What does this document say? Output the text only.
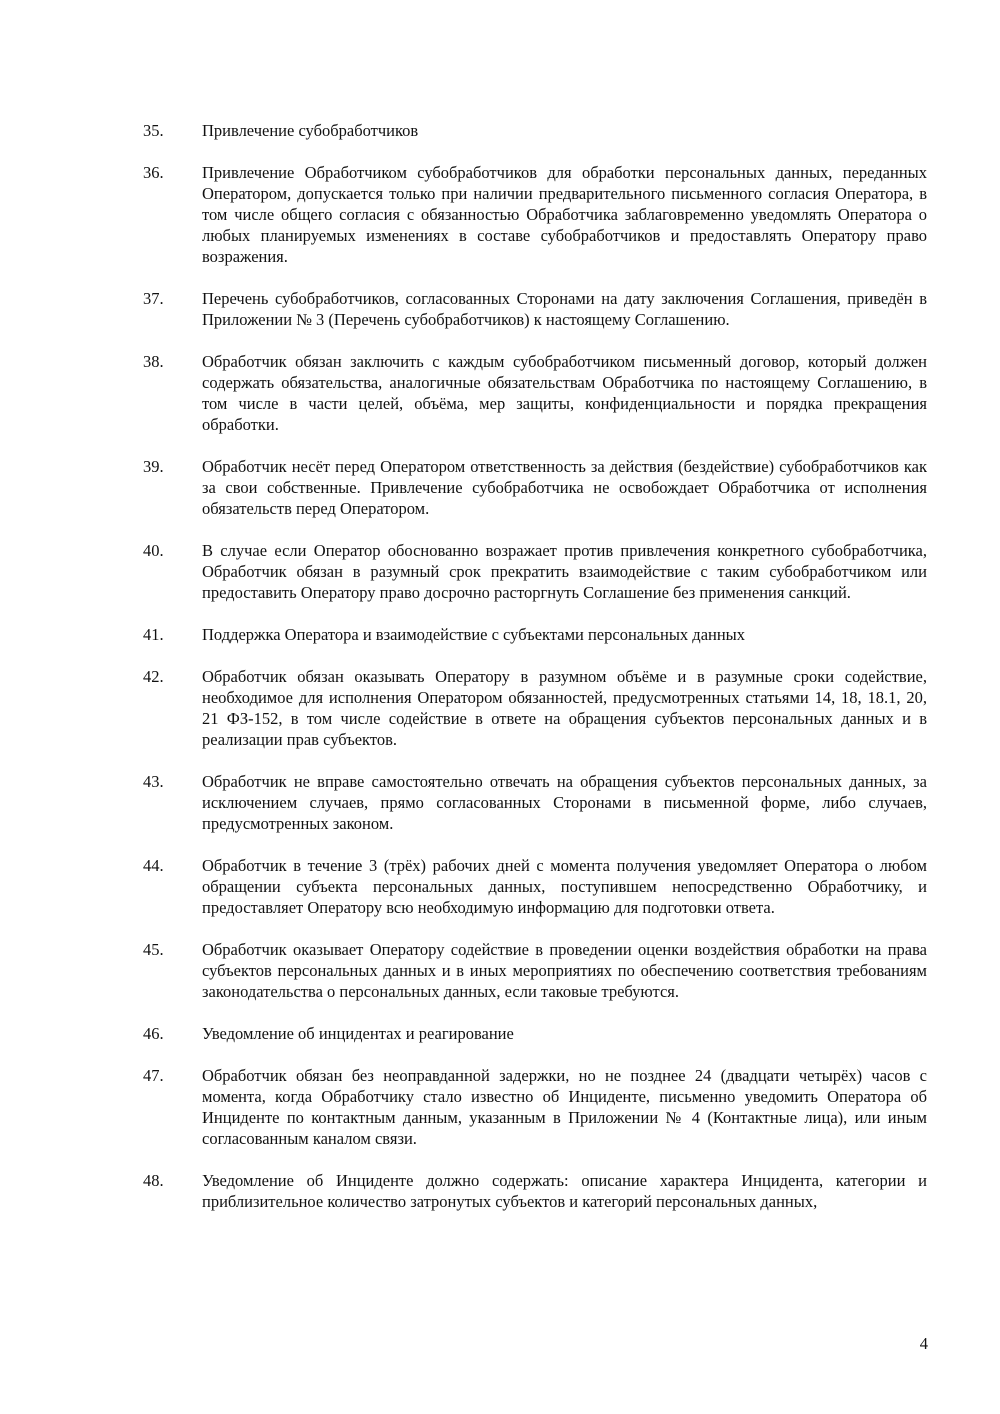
35.	Привлечение субобработчиков
36.	Привлечение Обработчиком субобработчиков для обработки персональных данных, переданных Оператором, допускается только при наличии предварительного письменного согласия Оператора, в том числе общего согласия с обязанностью Обработчика заблаговременно уведомлять Оператора о любых планируемых изменениях в составе субобработчиков и предоставлять Оператору право возражения.
37.	Перечень субобработчиков, согласованных Сторонами на дату заключения Соглашения, приведён в Приложении № 3 (Перечень субобработчиков) к настоящему Соглашению.
38.	Обработчик обязан заключить с каждым субобработчиком письменный договор, который должен содержать обязательства, аналогичные обязательствам Обработчика по настоящему Соглашению, в том числе в части целей, объёма, мер защиты, конфиденциальности и порядка прекращения обработки.
39.	Обработчик несёт перед Оператором ответственность за действия (бездействие) субобработчиков как за свои собственные. Привлечение субобработчика не освобождает Обработчика от исполнения обязательств перед Оператором.
40.	В случае если Оператор обоснованно возражает против привлечения конкретного субобработчика, Обработчик обязан в разумный срок прекратить взаимодействие с таким субобработчиком или предоставить Оператору право досрочно расторгнуть Соглашение без применения санкций.
41.	Поддержка Оператора и взаимодействие с субъектами персональных данных
42.	Обработчик обязан оказывать Оператору в разумном объёме и в разумные сроки содействие, необходимое для исполнения Оператором обязанностей, предусмотренных статьями 14, 18, 18.1, 20, 21 ФЗ-152, в том числе содействие в ответе на обращения субъектов персональных данных и в реализации прав субъектов.
43.	Обработчик не вправе самостоятельно отвечать на обращения субъектов персональных данных, за исключением случаев, прямо согласованных Сторонами в письменной форме, либо случаев, предусмотренных законом.
44.	Обработчик в течение 3 (трёх) рабочих дней с момента получения уведомляет Оператора о любом обращении субъекта персональных данных, поступившем непосредственно Обработчику, и предоставляет Оператору всю необходимую информацию для подготовки ответа.
45.	Обработчик оказывает Оператору содействие в проведении оценки воздействия обработки на права субъектов персональных данных и в иных мероприятиях по обеспечению соответствия требованиям законодательства о персональных данных, если таковые требуются.
46.	Уведомление об инцидентах и реагирование
47.	Обработчик обязан без неоправданной задержки, но не позднее 24 (двадцати четырёх) часов с момента, когда Обработчику стало известно об Инциденте, письменно уведомить Оператора об Инциденте по контактным данным, указанным в Приложении № 4 (Контактные лица), или иным согласованным каналом связи.
48.	Уведомление об Инциденте должно содержать: описание характера Инцидента, категории и приблизительное количество затронутых субъектов и категорий персональных данных,
4
